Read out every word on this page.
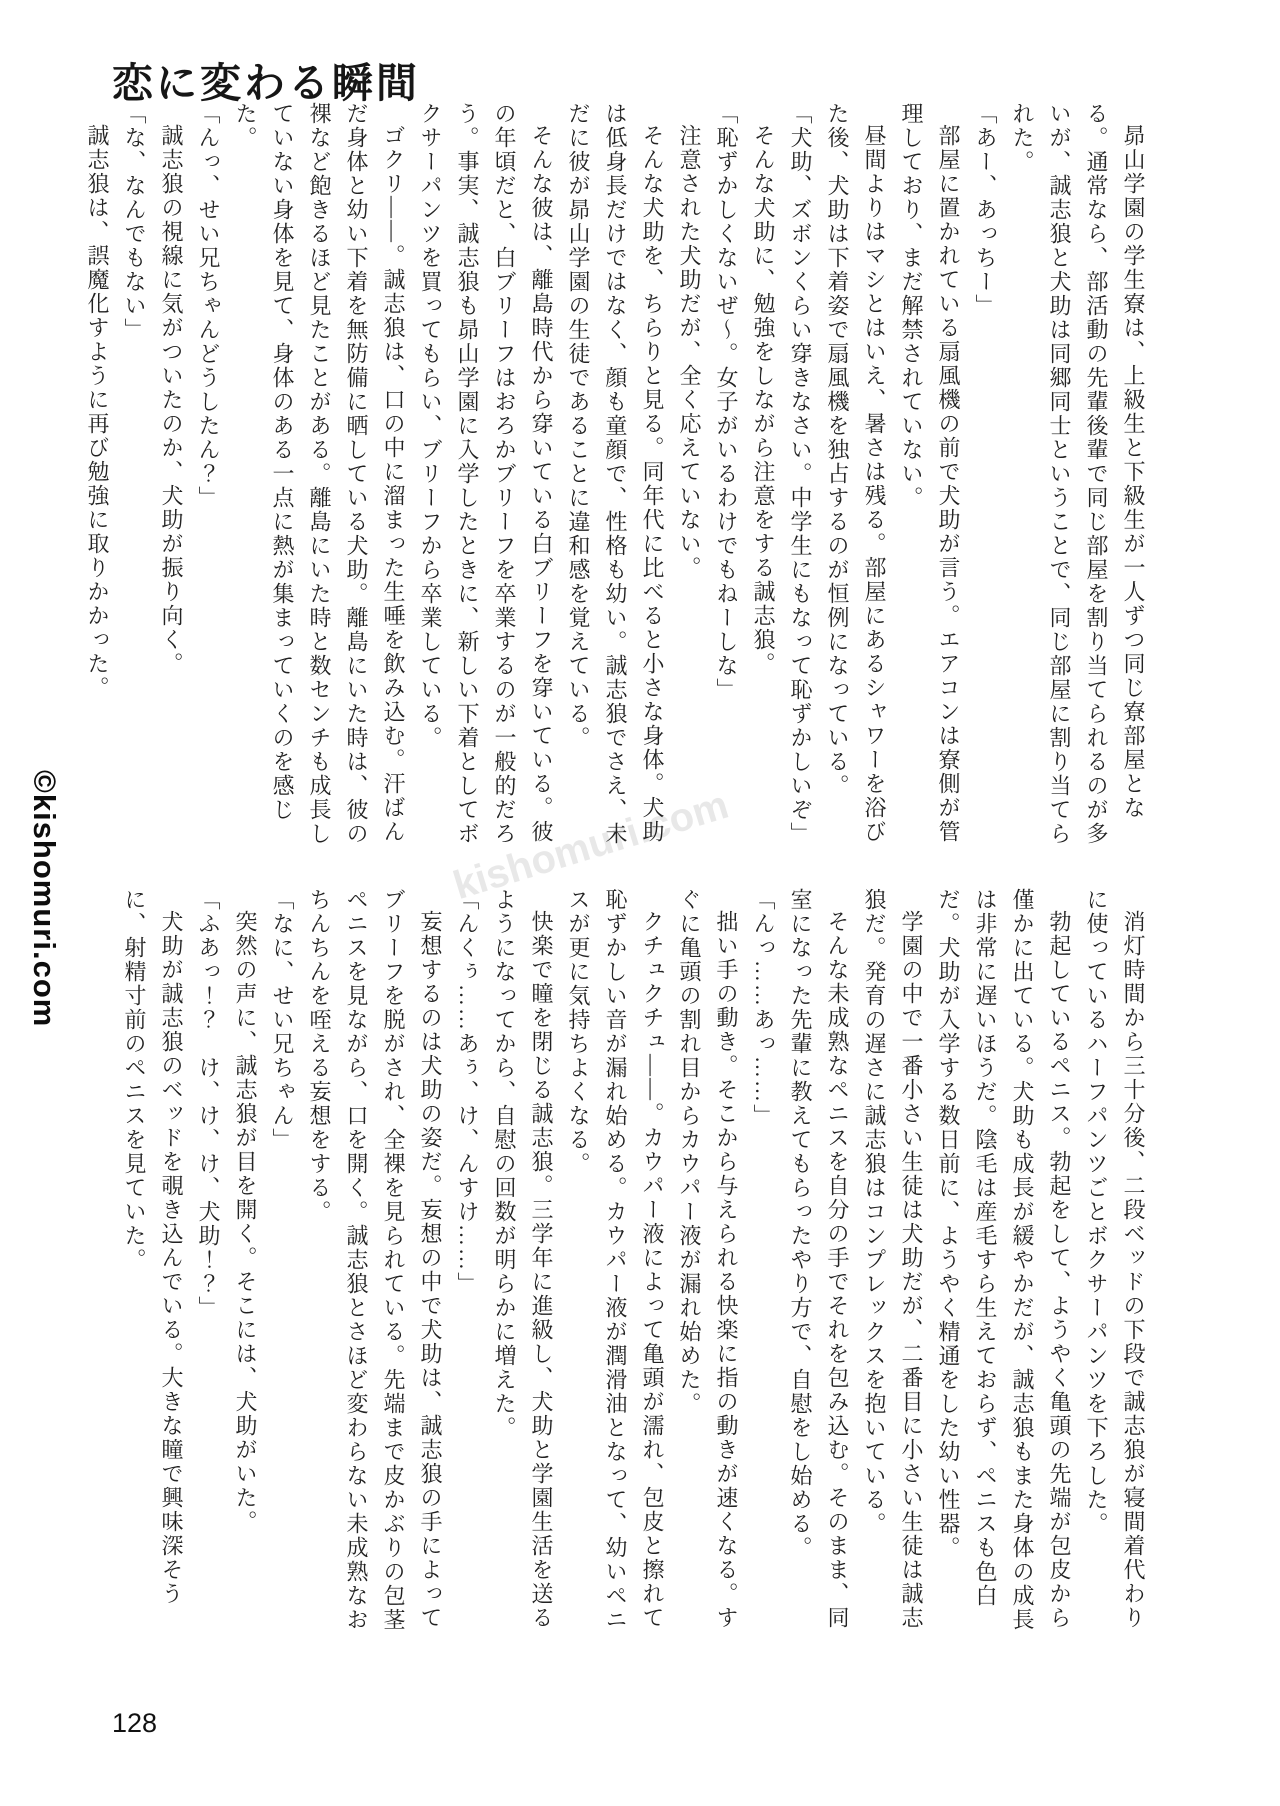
恋に変わる瞬間
kishomuri.com

昴山学園の学生寮は、上級生と下級生が一人ずつ同じ寮部屋となる。通常なら、部活動の先輩後輩で同じ部屋を割り当てられるのが多いが、誠志狼と犬助は同郷同士ということで、同じ部屋に割り当てられた。

「あー、あっちー」

部屋に置かれている扇風機の前で犬助が言う。エアコンは寮側が管理しており、まだ解禁されていない。

昼間よりはマシとはいえ、暑さは残る。部屋にあるシャワーを浴びた後、犬助は下着姿で扇風機を独占するのが恒例になっている。

「犬助、ズボンくらい穿きなさい。中学生にもなって恥ずかしいぞ」

そんな犬助に、勉強をしながら注意をする誠志狼。

「恥ずかしくないぜ〜。女子がいるわけでもねーしな」

注意された犬助だが、全く応えていない。

そんな犬助を、ちらりと見る。同年代に比べると小さな身体。犬助は低身長だけではなく、顔も童顔で、性格も幼い。誠志狼でさえ、未だに彼が昴山学園の生徒であることに違和感を覚えている。

そんな彼は、離島時代から穿いている白ブリーフを穿いている。彼の年頃だと、白ブリーフはおろかブリーフを卒業するのが一般的だろう。事実、誠志狼も昴山学園に入学したときに、新しい下着としてボクサーパンツを買ってもらい、ブリーフから卒業している。

ゴクリ――。誠志狼は、口の中に溜まった生唾を飲み込む。汗ばんだ身体と幼い下着を無防備に晒している犬助。離島にいた時は、彼の裸など飽きるほど見たことがある。離島にいた時と数センチも成長していない身体を見て、身体のある一点に熱が集まっていくのを感じた。

「んっ、せい兄ちゃんどうしたん？」

誠志狼の視線に気がついたのか、犬助が振り向く。

「な、なんでもない」

誠志狼は、誤魔化すように再び勉強に取りかかった。

消灯時間から三十分後、二段ベッドの下段で誠志狼が寝間着代わりに使っているハーフパンツごとボクサーパンツを下ろした。

勃起しているペニス。勃起をして、ようやく亀頭の先端が包皮から僅かに出ている。犬助も成長が緩やかだが、誠志狼もまた身体の成長は非常に遅いほうだ。陰毛は産毛すら生えておらず、ペニスも色白だ。犬助が入学する数日前に、ようやく精通をした幼い性器。

学園の中で一番小さい生徒は犬助だが、二番目に小さい生徒は誠志狼だ。発育の遅さに誠志狼はコンプレックスを抱いている。

そんな未成熟なペニスを自分の手でそれを包み込む。そのまま、同室になった先輩に教えてもらったやり方で、自慰をし始める。

「んっ……あっ……」

拙い手の動き。そこから与えられる快楽に指の動きが速くなる。すぐに亀頭の割れ目からカウパー液が漏れ始めた。

クチュクチュ――。カウパー液によって亀頭が濡れ、包皮と擦れて恥ずかしい音が漏れ始める。カウパー液が潤滑油となって、幼いペニスが更に気持ちよくなる。

快楽で瞳を閉じる誠志狼。三学年に進級し、犬助と学園生活を送るようになってから、自慰の回数が明らかに増えた。

「んくぅ……あぅ、け、んすけ……」

妄想するのは犬助の姿だ。妄想の中で犬助は、誠志狼の手によってブリーフを脱がされ、全裸を見られている。先端まで皮かぶりの包茎ペニスを見ながら、口を開く。誠志狼とさほど変わらない未成熟なおちんちんを咥える妄想をする。

「なに、せい兄ちゃん」

突然の声に、誠志狼が目を開く。そこには、犬助がいた。

「ふあっ！？　け、け、け、犬助！？」

犬助が誠志狼のベッドを覗き込んでいる。大きな瞳で興味深そうに、射精寸前のペニスを見ていた。

©kishomuri.com
128
